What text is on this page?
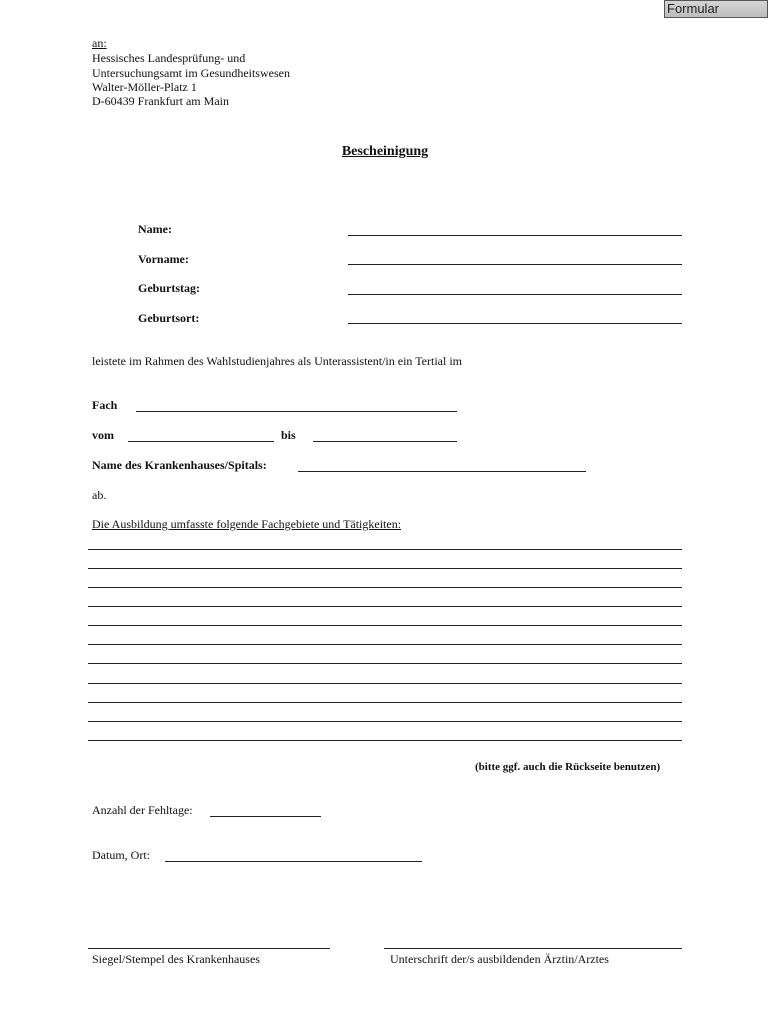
Formular
an:
Hessisches Landesprüfung- und
Untersuchungsamt im Gesundheitswesen
Walter-Möller-Platz 1
D-60439 Frankfurt am Main
Bescheinigung
Name:
Vorname:
Geburtstag:
Geburtsort:
leistete im Rahmen des Wahlstudienjahres als Unterassistent/in ein Tertial im
Fach
vom	bis
Name des Krankenhauses/Spitals:
ab.
Die Ausbildung umfasste folgende Fachgebiete und Tätigkeiten:
(bitte ggf. auch die Rückseite benutzen)
Anzahl der Fehltage:
Datum, Ort:
Siegel/Stempel des Krankenhauses	Unterschrift der/s ausbildenden Ärztin/Arztes
